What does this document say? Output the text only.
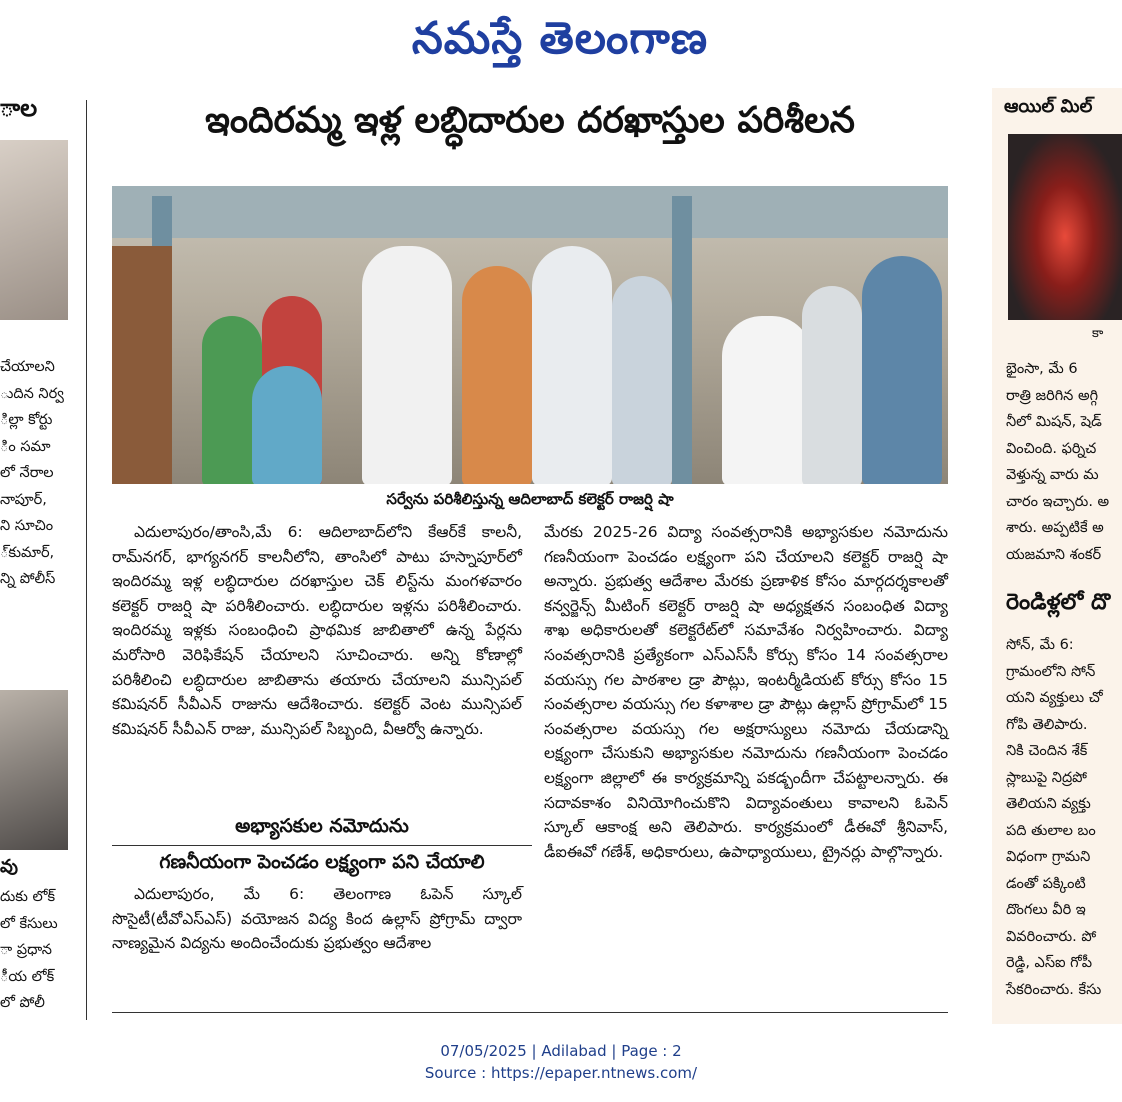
నమస్తే తెలంగాణ
ాల
చేయాలని
ుదిన నిర్వ
ిల్లా కోర్టు
ిం సమా
లో నేరాల
నాపూర్,
ని సూచిం
్‌కుమార్,
న్ని పోలీస్
వు
దుకు లోక్
లో కేసులు
ా ప్రధాన
ీయ లోక్
లో పోలీ
ఇందిరమ్మ ఇళ్ల లబ్ధిదారుల దరఖాస్తుల పరిశీలన
సర్వేను పరిశీలిస్తున్న ఆదిలాబాద్ కలెక్టర్ రాజర్షి షా

ఎదులాపురం/తాంసి,మే 6: ఆదిలాబాద్‌లోని కేఆర్‌కే కాలనీ, రామ్‌నగర్, భాగ్యనగర్ కాలనీలోని, తాంసిలో పాటు హస్నాపూర్‌లో ఇందిరమ్మ ఇళ్ల లబ్ధిదారుల దరఖాస్తుల చెక్ లిస్ట్‌ను మంగళవారం కలెక్టర్ రాజర్షి షా పరిశీలించారు. లబ్ధిదారుల ఇళ్లను పరిశీలించారు. ఇందిరమ్మ ఇళ్లకు సంబంధించి ప్రాథమిక జాబితాలో ఉన్న పేర్లను మరోసారి వెరిఫికేషన్ చేయాలని సూచించారు. అన్ని కోణాల్లో పరిశీలించి లబ్ధిదారుల జాబితాను తయారు చేయాలని మున్సిపల్ కమిషనర్ సీవీఎన్ రాజును ఆదేశించారు. కలెక్టర్ వెంట మున్సిపల్ కమిషనర్ సీవీఎన్ రాజు, మున్సిపల్ సిబ్బంది, వీఆర్వో ఉన్నారు.

అభ్యాసకుల నమోదును
గణనీయంగా పెంచడం లక్ష్యంగా పని చేయాలి

ఎదులాపురం, మే 6: తెలంగాణ ఓపెన్ స్కూల్ సొసైటీ(టీవోఎస్ఎస్) వయోజన విద్య కింద ఉల్లాస్ ప్రోగ్రామ్ ద్వారా నాణ్యమైన విద్యను అందించేందుకు ప్రభుత్వం ఆదేశాల

మేరకు 2025-26 విద్యా సంవత్సరానికి అభ్యాసకుల నమోదును గణనీయంగా పెంచడం లక్ష్యంగా పని చేయాలని కలెక్టర్ రాజర్షి షా అన్నారు. ప్రభుత్వ ఆదేశాల మేరకు ప్రణాళిక కోసం మార్గదర్శకాలతో కన్వర్జెన్స్ మీటింగ్ కలెక్టర్ రాజర్షి షా అధ్యక్షతన సంబంధిత విద్యా శాఖ అధికారులతో కలెక్టరేట్‌లో సమావేశం నిర్వహించారు. విద్యా సంవత్సరానికి ప్రత్యేకంగా ఎస్ఎస్‌సీ కోర్సు కోసం 14 సంవత్సరాల వయస్సు గల పాఠశాల డ్రా పౌట్లు, ఇంటర్మీడియట్ కోర్సు కోసం 15 సంవత్సరాల వయస్సు గల కళాశాల డ్రా పౌట్లు ఉల్లాస్ ప్రోగ్రామ్‌లో 15 సంవత్సరాల వయస్సు గల అక్షరాస్యులు నమోదు చేయడాన్ని లక్ష్యంగా చేసుకుని అభ్యాసకుల నమోదును గణనీయంగా పెంచడం లక్ష్యంగా జిల్లాలో ఈ కార్యక్రమాన్ని పకడ్బందీగా చేపట్టాలన్నారు. ఈ సదావకాశం వినియోగించుకొని విద్యావంతులు కావాలని ఓపెన్ స్కూల్ ఆకాంక్ష అని తెలిపారు. కార్యక్రమంలో డీఈవో శ్రీనివాస్, డీఐఈవో గణేశ్, అధికారులు, ఉపాధ్యాయులు, ట్రైనర్లు పాల్గొన్నారు.

ఆయిల్ మిల్
కా
భైంసా, మే 6
రాత్రి జరిగిన అగ్గి
నీలో మిషన్, షెడ్
వించింది. ఫర్నిచ
వెళ్తున్న వారు మ
చారం ఇచ్చారు. అ
శారు. అప్పటికే అ
యజమాని శంకర్
రెండిళ్లలో దొ
సోన్, మే 6:
గ్రామంలోని సోన్
యని వ్యక్తులు చో
గోపి తెలిపారు.
నికి చెందిన శేక్
స్లాబుపై నిద్రపో
తెలియని వ్యక్తు
పది తులాల బం
విధంగా గ్రామని
డంతో పక్కింటి
దొంగలు వీరి ఇ
వివరించారు. పో
రెడ్డి, ఎస్ఐ గోపీ
సేకరించారు. కేసు
07/05/2025 | Adilabad | Page : 2
Source : https://epaper.ntnews.com/
